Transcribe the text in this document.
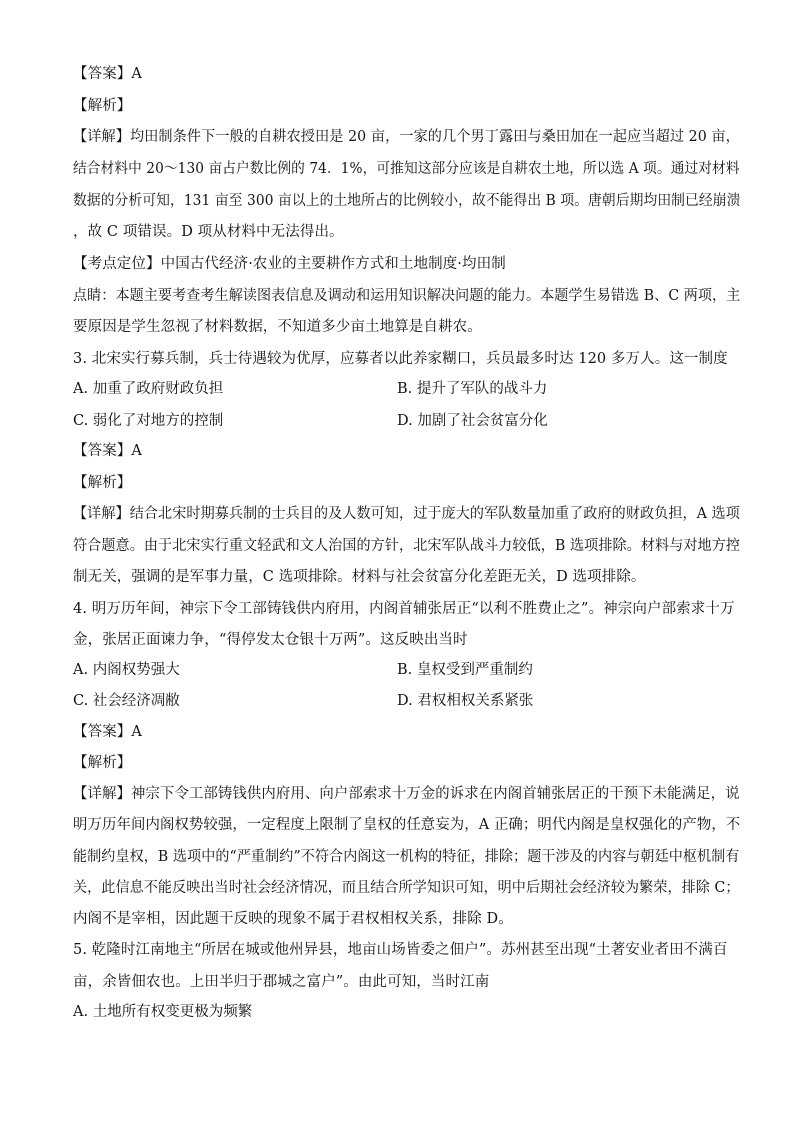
【答案】A
【解析】
【详解】均田制条件下一般的自耕农授田是 20 亩，一家的几个男丁露田与桑田加在一起应当超过 20 亩，
结合材料中 20～130 亩占户数比例的 74．1%，可推知这部分应该是自耕农土地，所以选 A 项。通过对材料
数据的分析可知，131 亩至 300 亩以上的土地所占的比例较小，故不能得出 B 项。唐朝后期均田制已经崩溃
，故 C 项错误。D 项从材料中无法得出。
【考点定位】中国古代经济·农业的主要耕作方式和土地制度·均田制
点睛：本题主要考查考生解读图表信息及调动和运用知识解决问题的能力。本题学生易错选 B、C 两项，主
要原因是学生忽视了材料数据，不知道多少亩土地算是自耕农。
3. 北宋实行募兵制，兵士待遇较为优厚，应募者以此养家糊口，兵员最多时达 120 多万人。这一制度
A. 加重了政府财政负担	B. 提升了军队的战斗力
C. 弱化了对地方的控制	D. 加剧了社会贫富分化
【答案】A
【解析】
【详解】结合北宋时期募兵制的士兵目的及人数可知，过于庞大的军队数量加重了政府的财政负担，A 选项
符合题意。由于北宋实行重文轻武和文人治国的方针，北宋军队战斗力较低，B 选项排除。材料与对地方控
制无关，强调的是军事力量，C 选项排除。材料与社会贫富分化差距无关，D 选项排除。
4. 明万历年间，神宗下令工部铸钱供内府用，内阁首辅张居正“以利不胜费止之”。神宗向户部索求十万
金，张居正面谏力争，“得停发太仓银十万两”。这反映出当时
A. 内阁权势强大	B. 皇权受到严重制约
C. 社会经济凋敝	D. 君权相权关系紧张
【答案】A
【解析】
【详解】神宗下令工部铸钱供内府用、向户部索求十万金的诉求在内阁首辅张居正的干预下未能满足，说
明万历年间内阁权势较强，一定程度上限制了皇权的任意妄为，A 正确；明代内阁是皇权强化的产物，不
能制约皇权，B 选项中的“严重制约”不符合内阁这一机构的特征，排除；题干涉及的内容与朝廷中枢机制有
关，此信息不能反映出当时社会经济情况，而且结合所学知识可知，明中后期社会经济较为繁荣，排除 C；
内阁不是宰相，因此题干反映的现象不属于君权相权关系，排除 D。
5. 乾隆时江南地主“所居在城或他州异县，地亩山场皆委之佃户”。苏州甚至出现“土著安业者田不满百
亩，余皆佃农也。上田半归于郡城之富户”。由此可知，当时江南
A. 土地所有权变更极为频繁
